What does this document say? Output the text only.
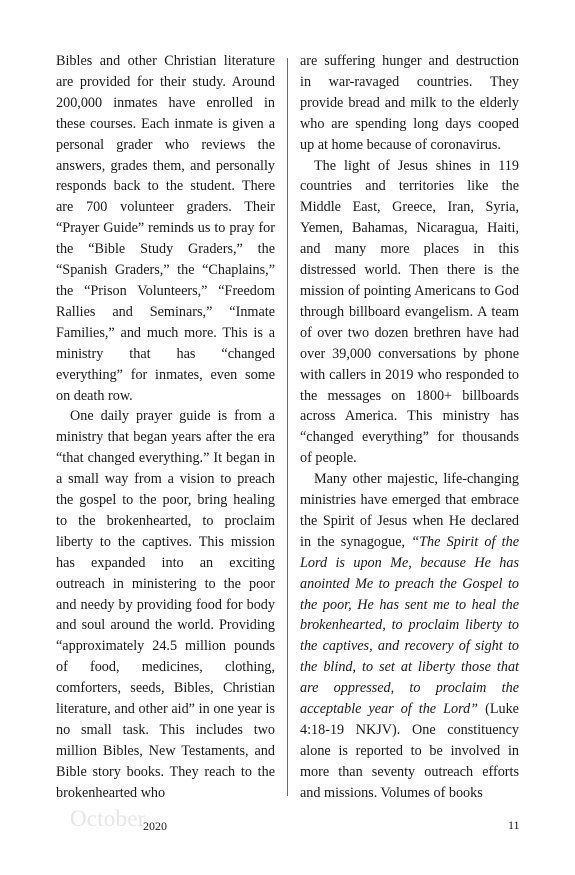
Bibles and other Christian literature are provided for their study. Around 200,000 inmates have enrolled in these courses. Each inmate is given a personal grader who reviews the answers, grades them, and personally responds back to the student. There are 700 volunteer graders. Their “Prayer Guide” reminds us to pray for the “Bible Study Graders,” the “Spanish Graders,” the “Chaplains,” the “Prison Volunteers,” “Freedom Rallies and Seminars,” “Inmate Families,” and much more. This is a ministry that has “changed everything” for inmates, even some on death row.

One daily prayer guide is from a ministry that began years after the era “that changed everything.” It began in a small way from a vision to preach the gospel to the poor, bring healing to the brokenhearted, to proclaim liberty to the captives. This mission has expanded into an exciting outreach in ministering to the poor and needy by providing food for body and soul around the world. Providing “approximately 24.5 million pounds of food, medicines, clothing, comforters, seeds, Bibles, Christian literature, and other aid” in one year is no small task. This includes two million Bibles, New Testaments, and Bible story books. They reach to the brokenhearted who

are suffering hunger and destruction in war-ravaged countries. They provide bread and milk to the elderly who are spending long days cooped up at home because of coronavirus.

The light of Jesus shines in 119 countries and territories like the Middle East, Greece, Iran, Syria, Yemen, Bahamas, Nicaragua, Haiti, and many more places in this distressed world. Then there is the mission of pointing Americans to God through billboard evangelism. A team of over two dozen brethren have had over 39,000 conversations by phone with callers in 2019 who responded to the messages on 1800+ billboards across America. This ministry has “changed everything” for thousands of people.

Many other majestic, life-changing ministries have emerged that embrace the Spirit of Jesus when He declared in the synagogue, “The Spirit of the Lord is upon Me, because He has anointed Me to preach the Gospel to the poor, He has sent me to heal the brokenhearted, to proclaim liberty to the captives, and recovery of sight to the blind, to set at liberty those that are oppressed, to proclaim the acceptable year of the Lord” (Luke 4:18-19 NKJV). One constituency alone is reported to be involved in more than seventy outreach efforts and missions. Volumes of books

October
2020	11
